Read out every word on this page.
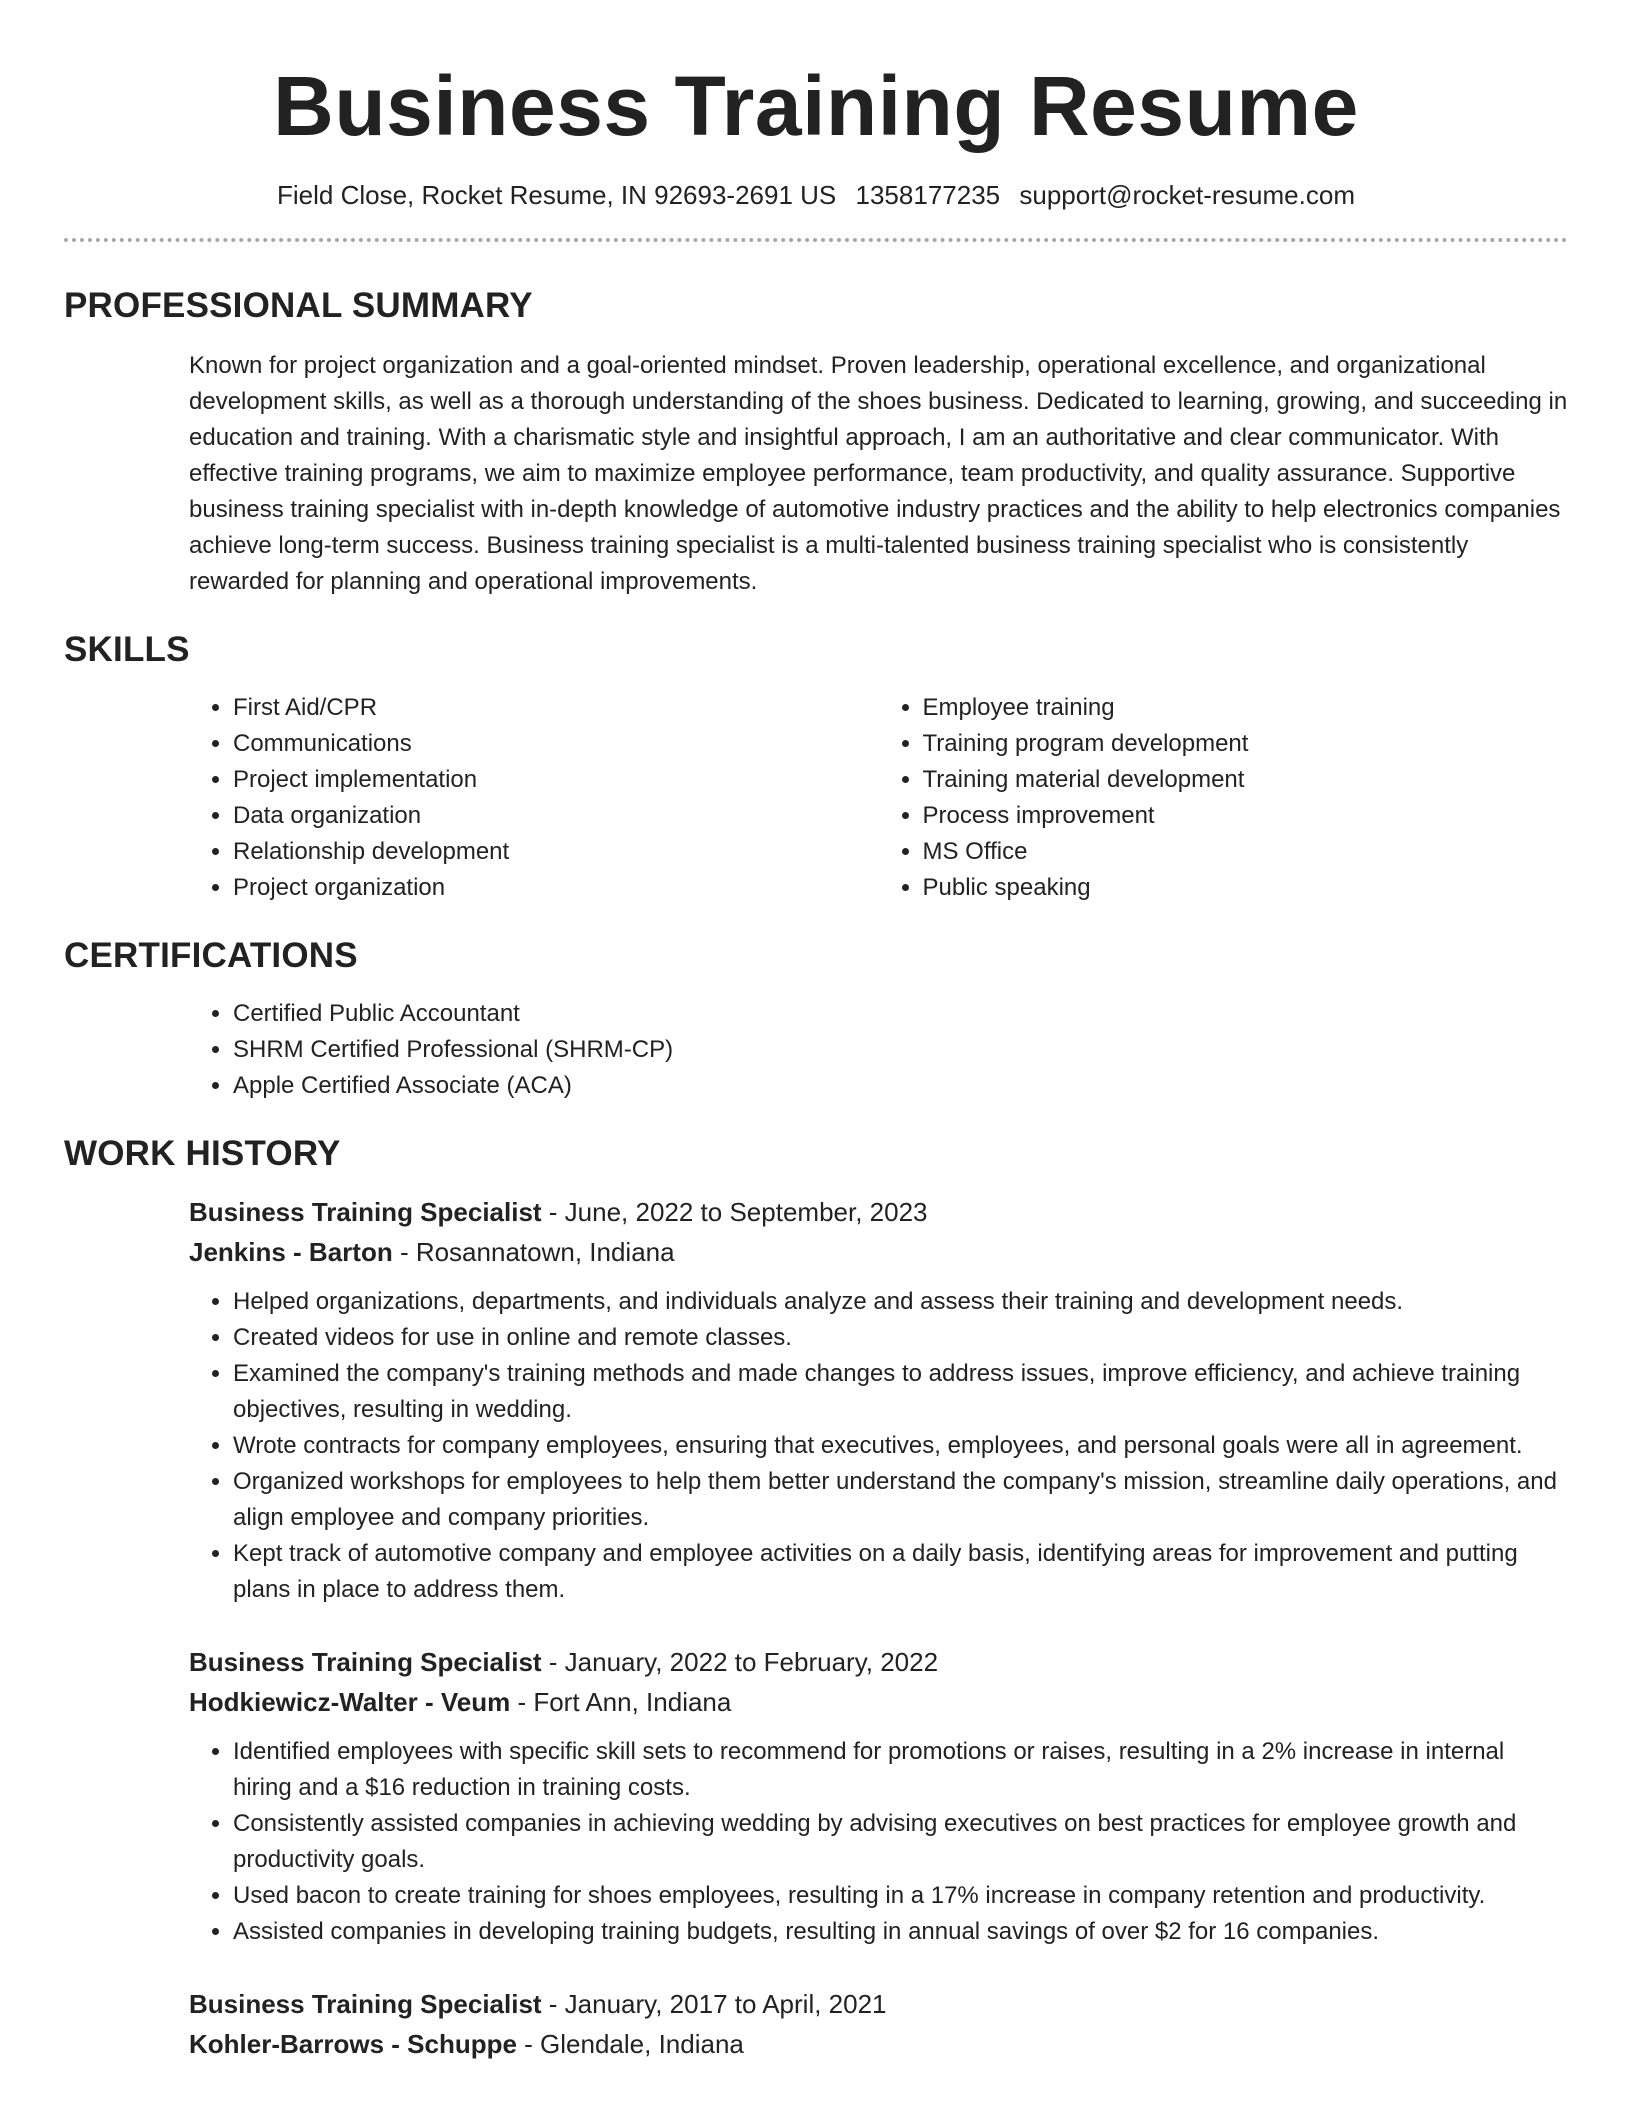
Business Training Resume
Field Close, Rocket Resume, IN 92693-2691 US 1358177235 support@rocket-resume.com
PROFESSIONAL SUMMARY

Known for project organization and a goal-oriented mindset. Proven leadership, operational excellence, and organizational development skills, as well as a thorough understanding of the shoes business. Dedicated to learning, growing, and succeeding in education and training. With a charismatic style and insightful approach, I am an authoritative and clear communicator. With effective training programs, we aim to maximize employee performance, team productivity, and quality assurance. Supportive business training specialist with in-depth knowledge of automotive industry practices and the ability to help electronics companies achieve long-term success. Business training specialist is a multi-talented business training specialist who is consistently rewarded for planning and operational improvements.

SKILLS
• First Aid/CPR
• Communications
• Project implementation
• Data organization
• Relationship development
• Project organization
• Employee training
• Training program development
• Training material development
• Process improvement
• MS Office
• Public speaking
CERTIFICATIONS
• Certified Public Accountant
• SHRM Certified Professional (SHRM-CP)
• Apple Certified Associate (ACA)
WORK HISTORY
Business Training Specialist - June, 2022 to September, 2023
Jenkins - Barton - Rosannatown, Indiana
• Helped organizations, departments, and individuals analyze and assess their training and development needs.
• Created videos for use in online and remote classes.
• Examined the company's training methods and made changes to address issues, improve efficiency, and achieve training objectives, resulting in wedding.
• Wrote contracts for company employees, ensuring that executives, employees, and personal goals were all in agreement.
• Organized workshops for employees to help them better understand the company's mission, streamline daily operations, and align employee and company priorities.
• Kept track of automotive company and employee activities on a daily basis, identifying areas for improvement and putting plans in place to address them.
Business Training Specialist - January, 2022 to February, 2022
Hodkiewicz-Walter - Veum - Fort Ann, Indiana
• Identified employees with specific skill sets to recommend for promotions or raises, resulting in a 2% increase in internal hiring and a $16 reduction in training costs.
• Consistently assisted companies in achieving wedding by advising executives on best practices for employee growth and productivity goals.
• Used bacon to create training for shoes employees, resulting in a 17% increase in company retention and productivity.
• Assisted companies in developing training budgets, resulting in annual savings of over $2 for 16 companies.
Business Training Specialist - January, 2017 to April, 2021
Kohler-Barrows - Schuppe - Glendale, Indiana
